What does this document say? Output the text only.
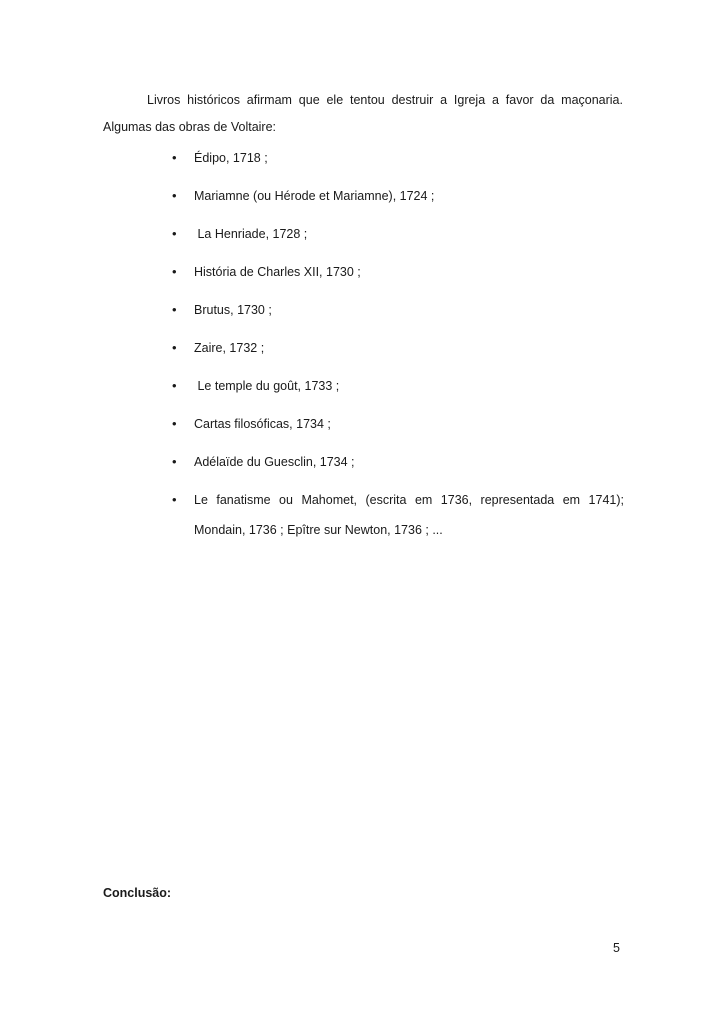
Livros históricos afirmam que ele tentou destruir a Igreja a favor da maçonaria.
Algumas das obras de Voltaire:

• Édipo, 1718 ;
• Mariamne (ou Hérode et Mariamne), 1724 ;
• La Henriade, 1728 ;
• História de Charles XII, 1730 ;
• Brutus, 1730 ;
• Zaire, 1732 ;
• Le temple du goût, 1733 ;
• Cartas filosóficas, 1734 ;
• Adélaïde du Guesclin, 1734 ;
• Le fanatisme ou Mahomet, (escrita em 1736, representada em 1741);
Mondain, 1736 ; Epître sur Newton, 1736 ; ...

Conclusão:

5
